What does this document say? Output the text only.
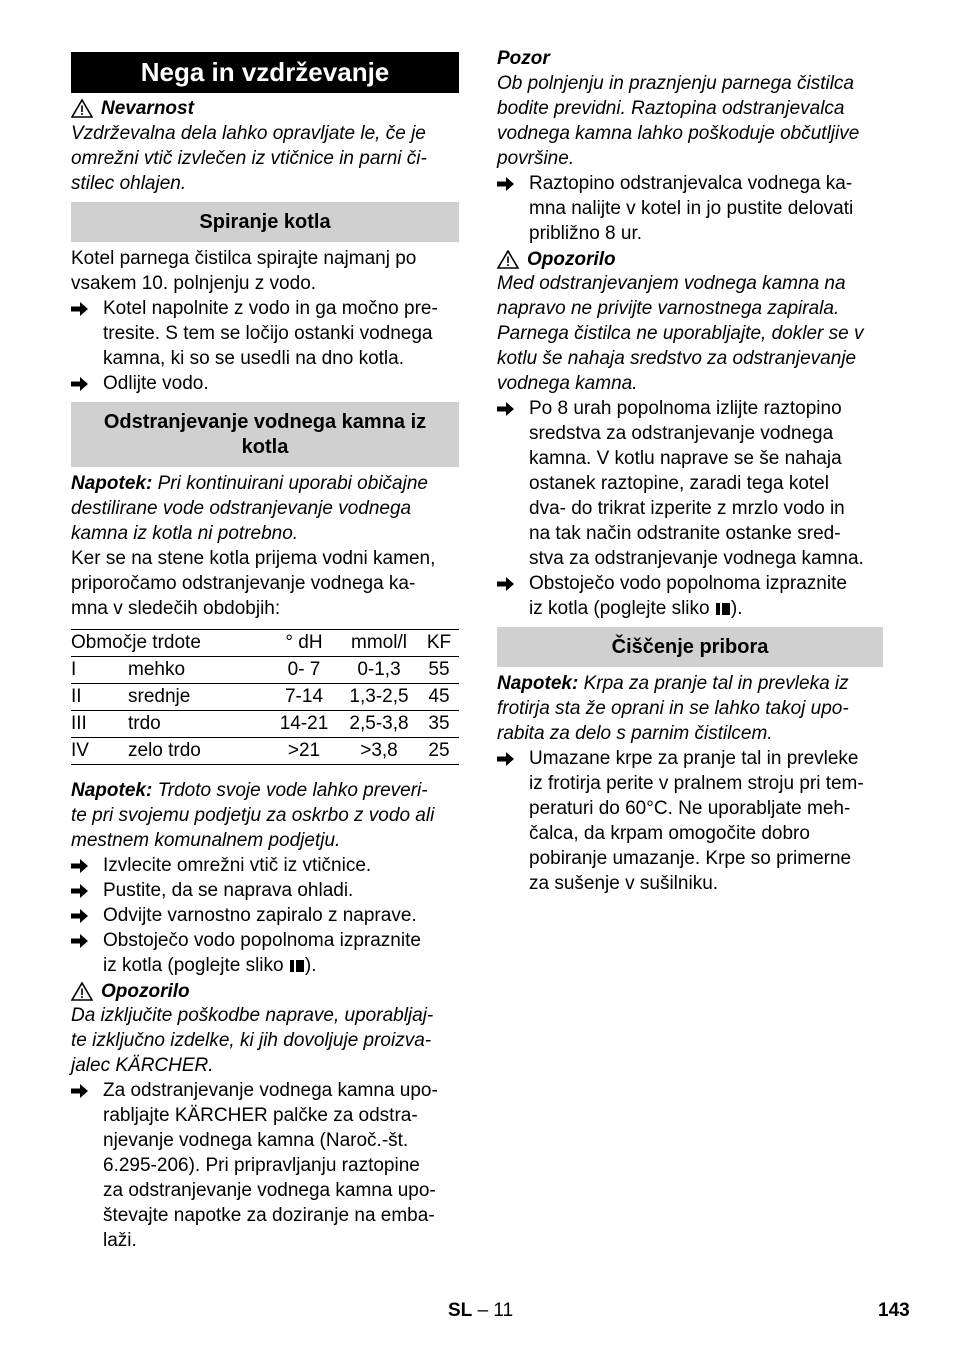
Nega in vzdrževanje
Nevarnost
Vzdrževalna dela lahko opravljate le, če je
omrežni vtič izvlečen iz vtičnice in parni či-
stilec ohlajen.
Spiranje kotla
Kotel parnega čistilca spirajte najmanj po
vsakem 10. polnjenju z vodo.
Kotel napolnite z vodo in ga močno pre-
tresite. S tem se ločijo ostanki vodnega
kamna, ki so se usedli na dno kotla.
Odlijte vodo.
Odstranjevanje vodnega kamna iz
kotla
Napotek: Pri kontinuirani uporabi običajne
destilirane vode odstranjevanje vodnega
kamna iz kotla ni potrebno.
Ker se na stene kotla prijema vodni kamen,
priporočamo odstranjevanje vodnega ka-
mna v sledečih obdobjih:
Območje trdote		° dH	mmol/l	KF
I	mehko	0- 7	0-1,3	55
II	srednje	7-14	1,3-2,5	45
III	trdo	14-21	2,5-3,8	35
IV	zelo trdo	>21	>3,8	25
Napotek: Trdoto svoje vode lahko preveri-
te pri svojemu podjetju za oskrbo z vodo ali
mestnem komunalnem podjetju.
Izvlecite omrežni vtič iz vtičnice.
Pustite, da se naprava ohladi.
Odvijte varnostno zapiralo z naprave.
Obstoječo vodo popolnoma izpraznite
iz kotla (poglejte sliko ).
Opozorilo
Da izključite poškodbe naprave, uporabljaj-
te izključno izdelke, ki jih dovoljuje proizva-
jalec KÄRCHER.
Za odstranjevanje vodnega kamna upo-
rabljajte KÄRCHER palčke za odstra-
njevanje vodnega kamna (Naroč.-št.
6.295-206). Pri pripravljanju raztopine
za odstranjevanje vodnega kamna upo-
števajte napotke za doziranje na emba-
laži.
Pozor
Ob polnjenju in praznjenju parnega čistilca
bodite previdni. Raztopina odstranjevalca
vodnega kamna lahko poškoduje občutljive
površine.
Raztopino odstranjevalca vodnega ka-
mna nalijte v kotel in jo pustite delovati
približno 8 ur.
Opozorilo
Med odstranjevanjem vodnega kamna na
napravo ne privijte varnostnega zapirala.
Parnega čistilca ne uporabljajte, dokler se v
kotlu še nahaja sredstvo za odstranjevanje
vodnega kamna.
Po 8 urah popolnoma izlijte raztopino
sredstva za odstranjevanje vodnega
kamna. V kotlu naprave se še nahaja
ostanek raztopine, zaradi tega kotel
dva- do trikrat izperite z mrzlo vodo in
na tak način odstranite ostanke sred-
stva za odstranjevanje vodnega kamna.
Obstoječo vodo popolnoma izpraznite
iz kotla (poglejte sliko ).
Čiščenje pribora
Napotek: Krpa za pranje tal in prevleka iz
frotirja sta že oprani in se lahko takoj upo-
rabita za delo s parnim čistilcem.
Umazane krpe za pranje tal in prevleke
iz frotirja perite v pralnem stroju pri tem-
peraturi do 60°C. Ne uporabljate meh-
čalca, da krpam omogočite dobro
pobiranje umazanje. Krpe so primerne
za sušenje v sušilniku.
SL – 11	143
